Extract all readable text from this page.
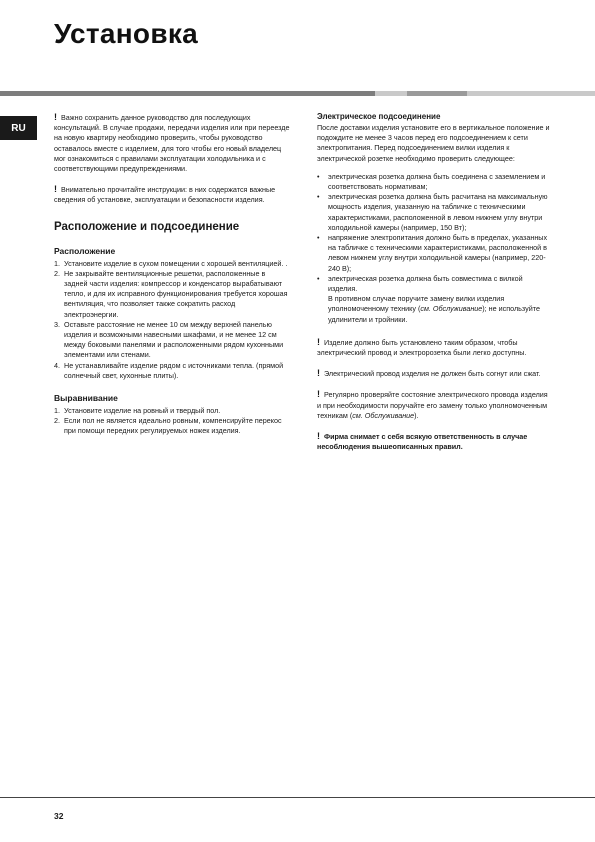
Установка
RU

! Важно сохранить данное руководство для последующих консультаций. В случае продажи, передачи изделия или при переезде на новую квартиру необходимо проверить, чтобы руководство оставалось вместе с изделием, для того чтобы его новый владелец мог ознакомиться с правилами эксплуатации холодильника и с соответствующими предупреждениями.

! Внимательно прочитайте инструкции: в них содержатся важные сведения об установке, эксплуатации и безопасности изделия.

Расположение и подсоединение
Расположение
1. Установите изделие в сухом помещении с хорошей вентиляцией. .
2. Не закрывайте вентиляционные решетки, расположенные в задней части изделия: компрессор и конденсатор вырабатывают тепло, и для их исправного функционирования требуется хорошая вентиляция, что позволяет также сократить расход электроэнергии.
3. Оставьте расстояние не менее 10 см между верхней панелью изделия и возможными навесными шкафами, и не менее 12 см между боковыми панелями и расположенными рядом кухонными элементами или стенами.
4. Не устанавливайте изделие рядом с источниками тепла. (прямой солнечный свет, кухонные плиты).
Выравнивание
1. Установите изделие на ровный и твердый пол.
2. Если пол не является идеально ровным, компенсируйте перекос при помощи передних регулируемых ножек изделия.
Электрическое подсоединение

После доставки изделия установите его в вертикальное положение и подождите не менее 3 часов перед его подсоединением к сети электропитания. Перед подсоединением вилки изделия к электрической розетке необходимо проверить следующее:

• электрическая розетка должна быть соединена с заземлением и соответствовать нормативам;
• электрическая розетка должна быть расчитана на максимальную мощность изделия, указанную на табличке с техническими характеристиками, расположенной в левом нижнем углу внутри холодильной камеры (например, 150 Вт);
• напряжение электропитания должно быть в пределах, указанных на табличке с техническими характеристиками, расположенной в левом нижнем углу внутри холодильной камеры (например, 220-240 В);
• электрическая розетка должна быть совместима с вилкой изделия.
В противном случае поручите замену вилки изделия уполномоченному технику (см. Обслуживание); не используйте удлинители и тройники.

! Изделие должно быть установлено таким образом, чтобы электрический провод и электророзетка были легко доступны.

! Электрический провод изделия не должен быть согнут или сжат.

! Регулярно проверяйте состояние электрического провода изделия и при необходимости поручайте его замену только уполномоченным техникам (см. Обслуживание).

! Фирма снимает с себя всякую ответственность в случае несоблюдения вышеописанных правил.

32
